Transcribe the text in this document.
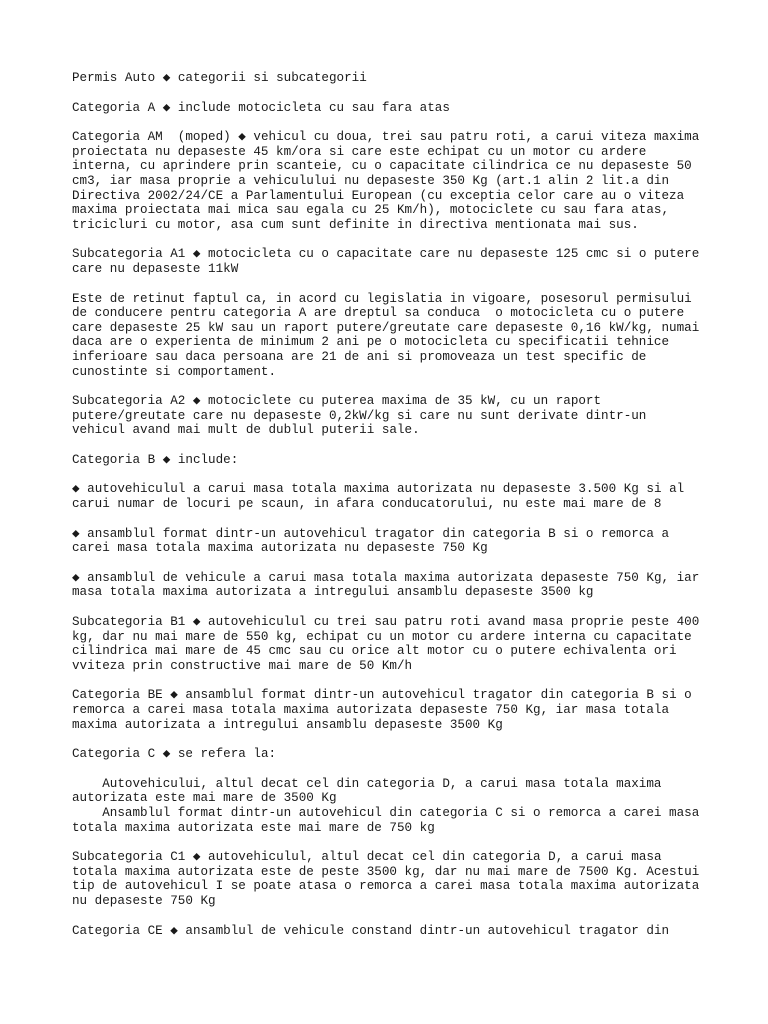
Permis Auto ◆ categorii si subcategorii
Categoria A ◆ include motocicleta cu sau fara atas
Categoria AM  (moped) ◆ vehicul cu doua, trei sau patru roti, a carui viteza maxima
proiectata nu depaseste 45 km/ora si care este echipat cu un motor cu ardere
interna, cu aprindere prin scanteie, cu o capacitate cilindrica ce nu depaseste 50
cm3, iar masa proprie a vehiculului nu depaseste 350 Kg (art.1 alin 2 lit.a din
Directiva 2002/24/CE a Parlamentului European (cu exceptia celor care au o viteza
maxima proiectata mai mica sau egala cu 25 Km/h), motociclete cu sau fara atas,
tricicluri cu motor, asa cum sunt definite in directiva mentionata mai sus.
Subcategoria A1 ◆ motocicleta cu o capacitate care nu depaseste 125 cmc si o putere
care nu depaseste 11kW
Este de retinut faptul ca, in acord cu legislatia in vigoare, posesorul permisului
de conducere pentru categoria A are dreptul sa conduca  o motocicleta cu o putere
care depaseste 25 kW sau un raport putere/greutate care depaseste 0,16 kW/kg, numai
daca are o experienta de minimum 2 ani pe o motocicleta cu specificatii tehnice
inferioare sau daca persoana are 21 de ani si promoveaza un test specific de
cunostinte si comportament.
Subcategoria A2 ◆ motociclete cu puterea maxima de 35 kW, cu un raport
putere/greutate care nu depaseste 0,2kW/kg si care nu sunt derivate dintr-un
vehicul avand mai mult de dublul puterii sale.
Categoria B ◆ include:
◆ autovehiculul a carui masa totala maxima autorizata nu depaseste 3.500 Kg si al
carui numar de locuri pe scaun, in afara conducatorului, nu este mai mare de 8
◆ ansamblul format dintr-un autovehicul tragator din categoria B si o remorca a
carei masa totala maxima autorizata nu depaseste 750 Kg
◆ ansamblul de vehicule a carui masa totala maxima autorizata depaseste 750 Kg, iar
masa totala maxima autorizata a intregului ansamblu depaseste 3500 kg
Subcategoria B1 ◆ autovehiculul cu trei sau patru roti avand masa proprie peste 400
kg, dar nu mai mare de 550 kg, echipat cu un motor cu ardere interna cu capacitate
cilindrica mai mare de 45 cmc sau cu orice alt motor cu o putere echivalenta ori
vviteza prin constructive mai mare de 50 Km/h
Categoria BE ◆ ansamblul format dintr-un autovehicul tragator din categoria B si o
remorca a carei masa totala maxima autorizata depaseste 750 Kg, iar masa totala
maxima autorizata a intregului ansamblu depaseste 3500 Kg
Categoria C ◆ se refera la:
Autovehicului, altul decat cel din categoria D, a carui masa totala maxima
autorizata este mai mare de 3500 Kg
Ansamblul format dintr-un autovehicul din categoria C si o remorca a carei masa
totala maxima autorizata este mai mare de 750 kg
Subcategoria C1 ◆ autovehiculul, altul decat cel din categoria D, a carui masa
totala maxima autorizata este de peste 3500 kg, dar nu mai mare de 7500 Kg. Acestui
tip de autovehicul I se poate atasa o remorca a carei masa totala maxima autorizata
nu depaseste 750 Kg
Categoria CE ◆ ansamblul de vehicule constand dintr-un autovehicul tragator din
